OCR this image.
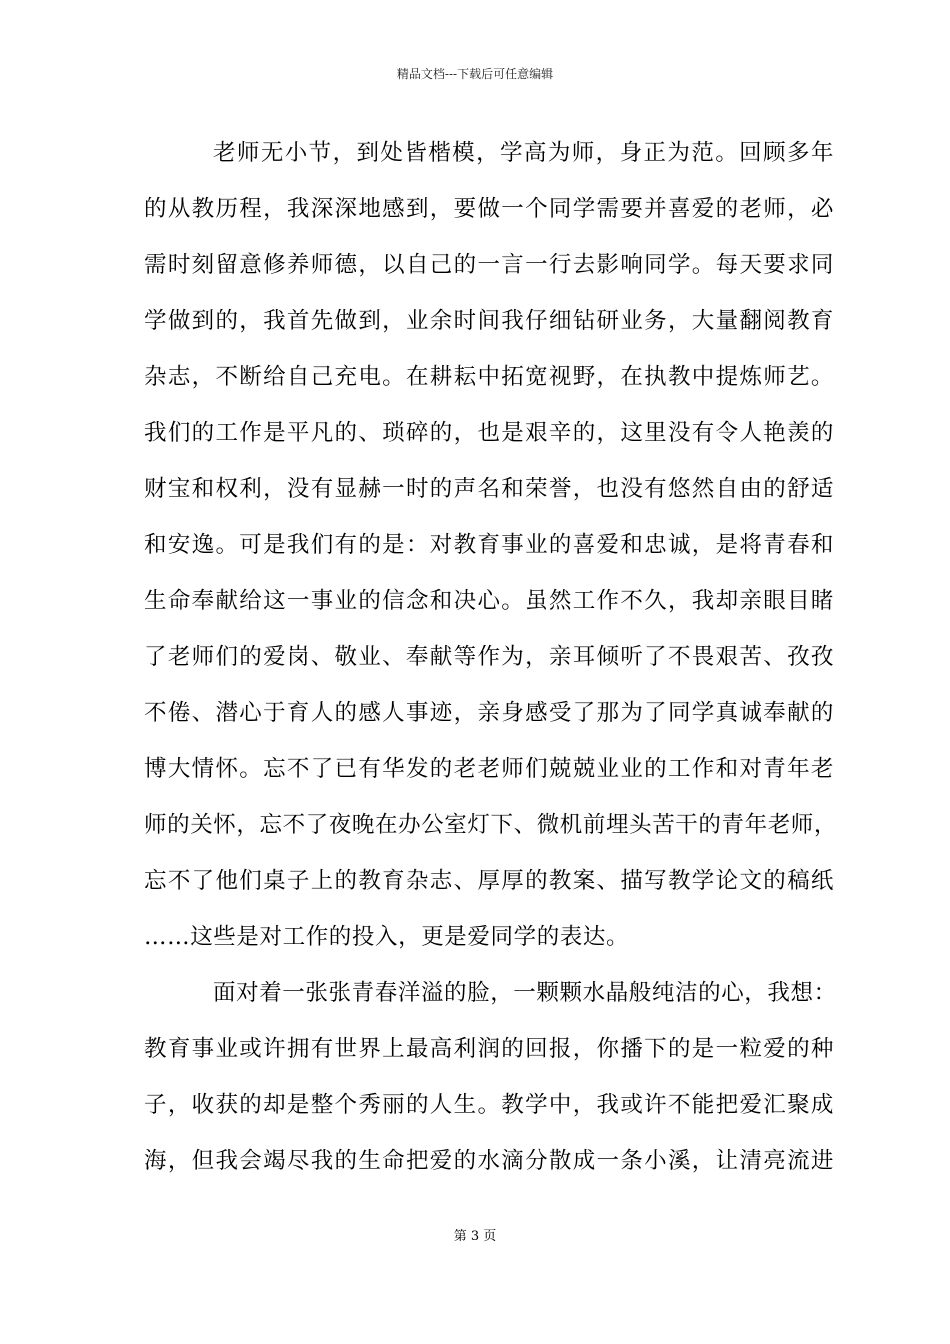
精品文档---下载后可任意编辑
老师无小节，到处皆楷模，学高为师，身正为范。回顾多年
的从教历程，我深深地感到，要做一个同学需要并喜爱的老师，必
需时刻留意修养师德，以自己的一言一行去影响同学。每天要求同
学做到的，我首先做到，业余时间我仔细钻研业务，大量翻阅教育
杂志，不断给自己充电。在耕耘中拓宽视野，在执教中提炼师艺。
我们的工作是平凡的、琐碎的，也是艰辛的，这里没有令人艳羡的
财宝和权利，没有显赫一时的声名和荣誉，也没有悠然自由的舒适
和安逸。可是我们有的是：对教育事业的喜爱和忠诚，是将青春和
生命奉献给这一事业的信念和决心。虽然工作不久，我却亲眼目睹
了老师们的爱岗、敬业、奉献等作为，亲耳倾听了不畏艰苦、孜孜
不倦、潜心于育人的感人事迹，亲身感受了那为了同学真诚奉献的
博大情怀。忘不了已有华发的老老师们兢兢业业的工作和对青年老
师的关怀，忘不了夜晚在办公室灯下、微机前埋头苦干的青年老师，
忘不了他们桌子上的教育杂志、厚厚的教案、描写教学论文的稿纸
……这些是对工作的投入，更是爱同学的表达。
面对着一张张青春洋溢的脸，一颗颗水晶般纯洁的心，我想：
教育事业或许拥有世界上最高利润的回报，你播下的是一粒爱的种
子，收获的却是整个秀丽的人生。教学中，我或许不能把爱汇聚成
海，但我会竭尽我的生命把爱的水滴分散成一条小溪，让清亮流进
第 3 页
